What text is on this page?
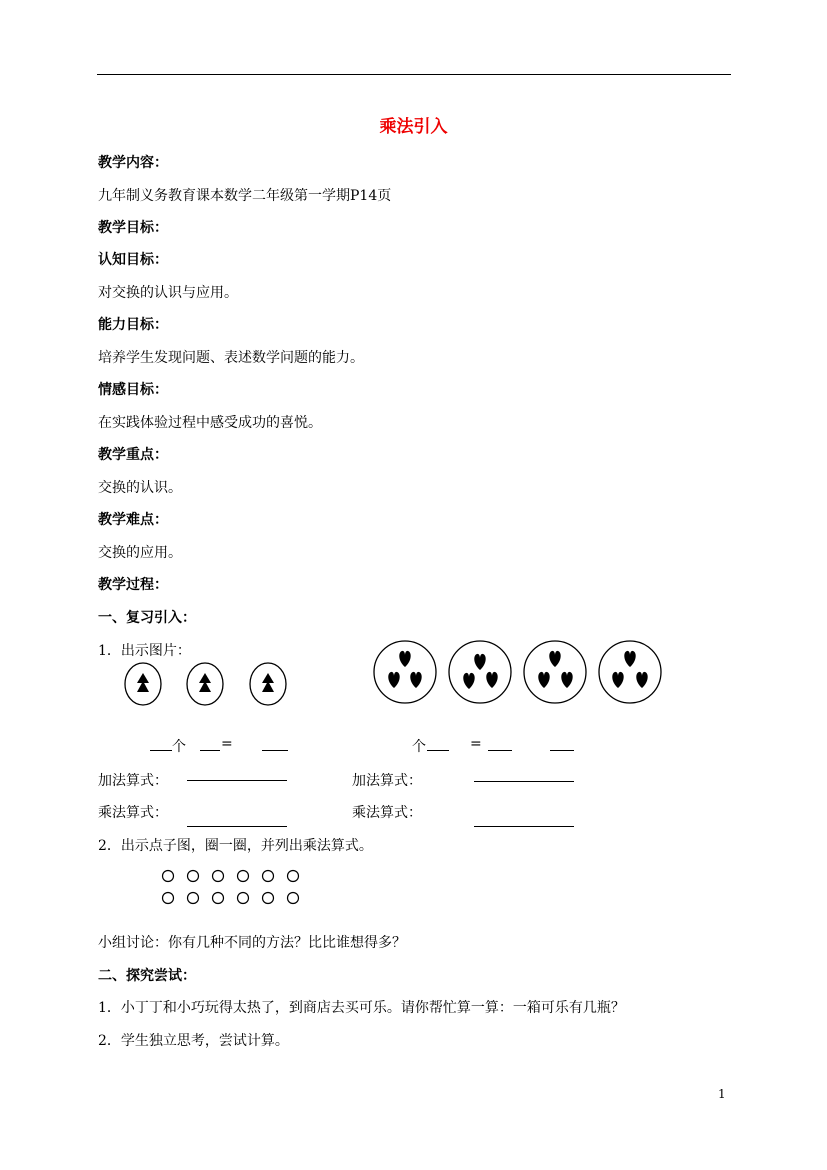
乘法引入
教学内容：
九年制义务教育课本数学二年级第一学期P14页
教学目标：
认知目标：
对交换的认识与应用。
能力目标：
培养学生发现问题、表述数学问题的能力。
情感目标：
在实践体验过程中感受成功的喜悦。
教学重点：
交换的认识。
教学难点：
交换的应用。
教学过程：
一、复习引入：
1．出示图片：
个	=	个	=
加法算式：	加法算式：
乘法算式：	乘法算式：
2．出示点子图，圈一圈，并列出乘法算式。
小组讨论：你有几种不同的方法？比比谁想得多？
二、探究尝试：
1．小丁丁和小巧玩得太热了，到商店去买可乐。请你帮忙算一算：一箱可乐有几瓶？
2．学生独立思考，尝试计算。
1
